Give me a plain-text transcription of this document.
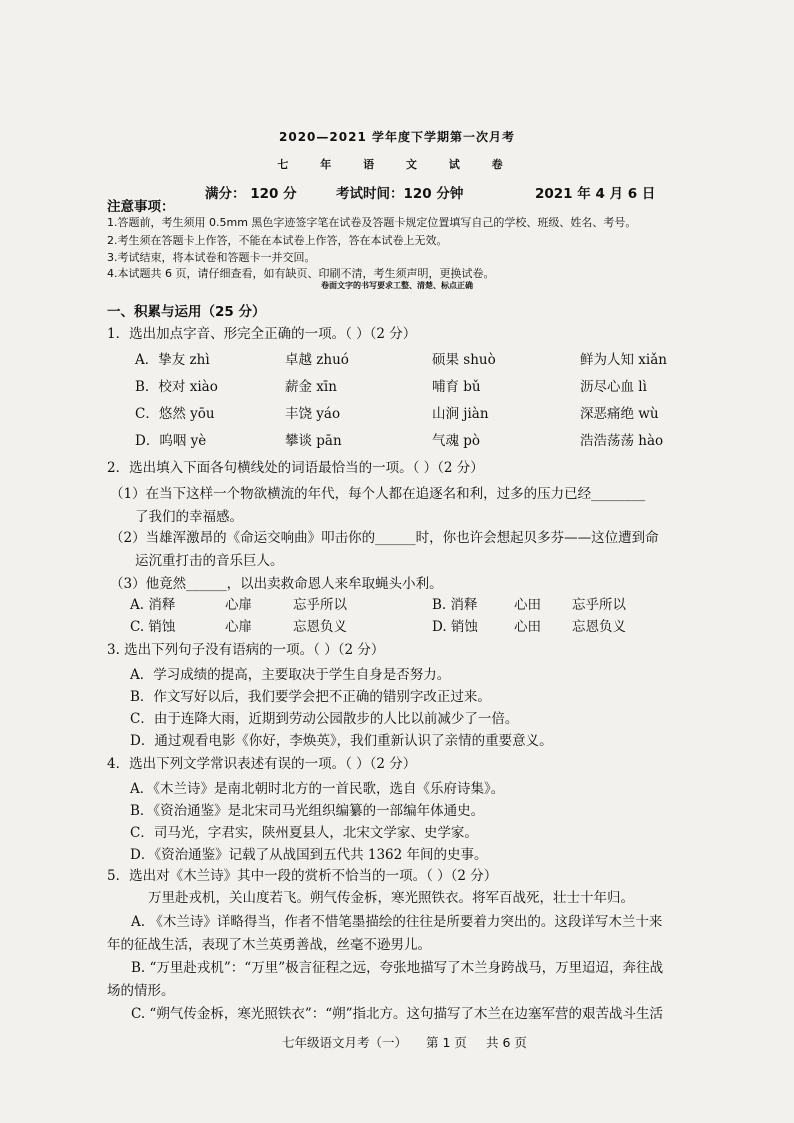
2020—2021 学年度下学期第一次月考
七 年 语 文 试 卷
满分： 120 分	考试时间：120 分钟	2021 年 4 月 6 日
注意事项：
1.答题前，考生须用 0.5mm 黑色字迹签字笔在试卷及答题卡规定位置填写自己的学校、班级、姓名、考号。
2.考生须在答题卡上作答，不能在本试卷上作答，答在本试卷上无效。
3.考试结束，将本试卷和答题卡一并交回。
4.本试题共 6 页，请仔细查看，如有缺页、印刷不清，考生须声明，更换试卷。
卷面文字的书写要求工整、清楚、标点正确
一、积累与运用（25 分）
1．选出加点字音、形完全正确的一项。（ ）（2 分）
A．挚友 zhì	卓越 zhuó	硕果 shuò	鲜为人知 xiǎn
B．校对 xiào	薪金 xīn	哺育 bǔ	沥尽心血 lì
C．悠然 yōu	丰饶 yáo	山涧 jiàn	深恶痛绝 wù
D．呜咽 yè	攀谈 pān	气魂 pò	浩浩荡荡 hào
2．选出填入下面各句横线处的词语最恰当的一项。（ ）（2 分）
（1）在当下这样一个物欲横流的年代，每个人都在追逐名和利，过多的压力已经________
了我们的幸福感。
（2）当雄浑激昂的《命运交响曲》叩击你的______时，你也许会想起贝多芬——这位遭到命
运沉重打击的音乐巨人。
（3）他竟然______，以出卖救命恩人来牟取蝇头小利。
A. 消释	心扉	忘乎所以	B. 消释	心田 忘乎所以
C. 销蚀	心扉	忘恩负义	D. 销蚀	心田 忘恩负义
3. 选出下列句子没有语病的一项。（ ）（2 分）
A．学习成绩的提高，主要取决于学生自身是否努力。
B．作文写好以后，我们要学会把不正确的错别字改正过来。
C．由于连降大雨，近期到劳动公园散步的人比以前减少了一倍。
D．通过观看电影《你好，李焕英》，我们重新认识了亲情的重要意义。
4．选出下列文学常识表述有误的一项。（ ）（2 分）
A．《木兰诗》是南北朝时北方的一首民歌，选自《乐府诗集》。
B．《资治通鉴》是北宋司马光组织编纂的一部编年体通史。
C．司马光，字君实，陕州夏县人，北宋文学家、史学家。
D．《资治通鉴》记载了从战国到五代共 1362 年间的史事。
5．选出对《木兰诗》其中一段的赏析不恰当的一项。（ ）（2 分）
万里赴戎机，关山度若飞。朔气传金柝，寒光照铁衣。将军百战死，壮士十年归。
A. 《木兰诗》详略得当，作者不惜笔墨描绘的往往是所要着力突出的。这段详写木兰十来
年的征战生活，表现了木兰英勇善战，丝毫不逊男儿。
B. “万里赴戎机”：“万里”极言征程之远，夸张地描写了木兰身跨战马，万里迢迢，奔往战
场的情形。
C. “朔气传金柝，寒光照铁衣”：“朔”指北方。这句描写了木兰在边塞军营的艰苦战斗生活
七年级语文月考（一） 第 1 页 共 6 页
